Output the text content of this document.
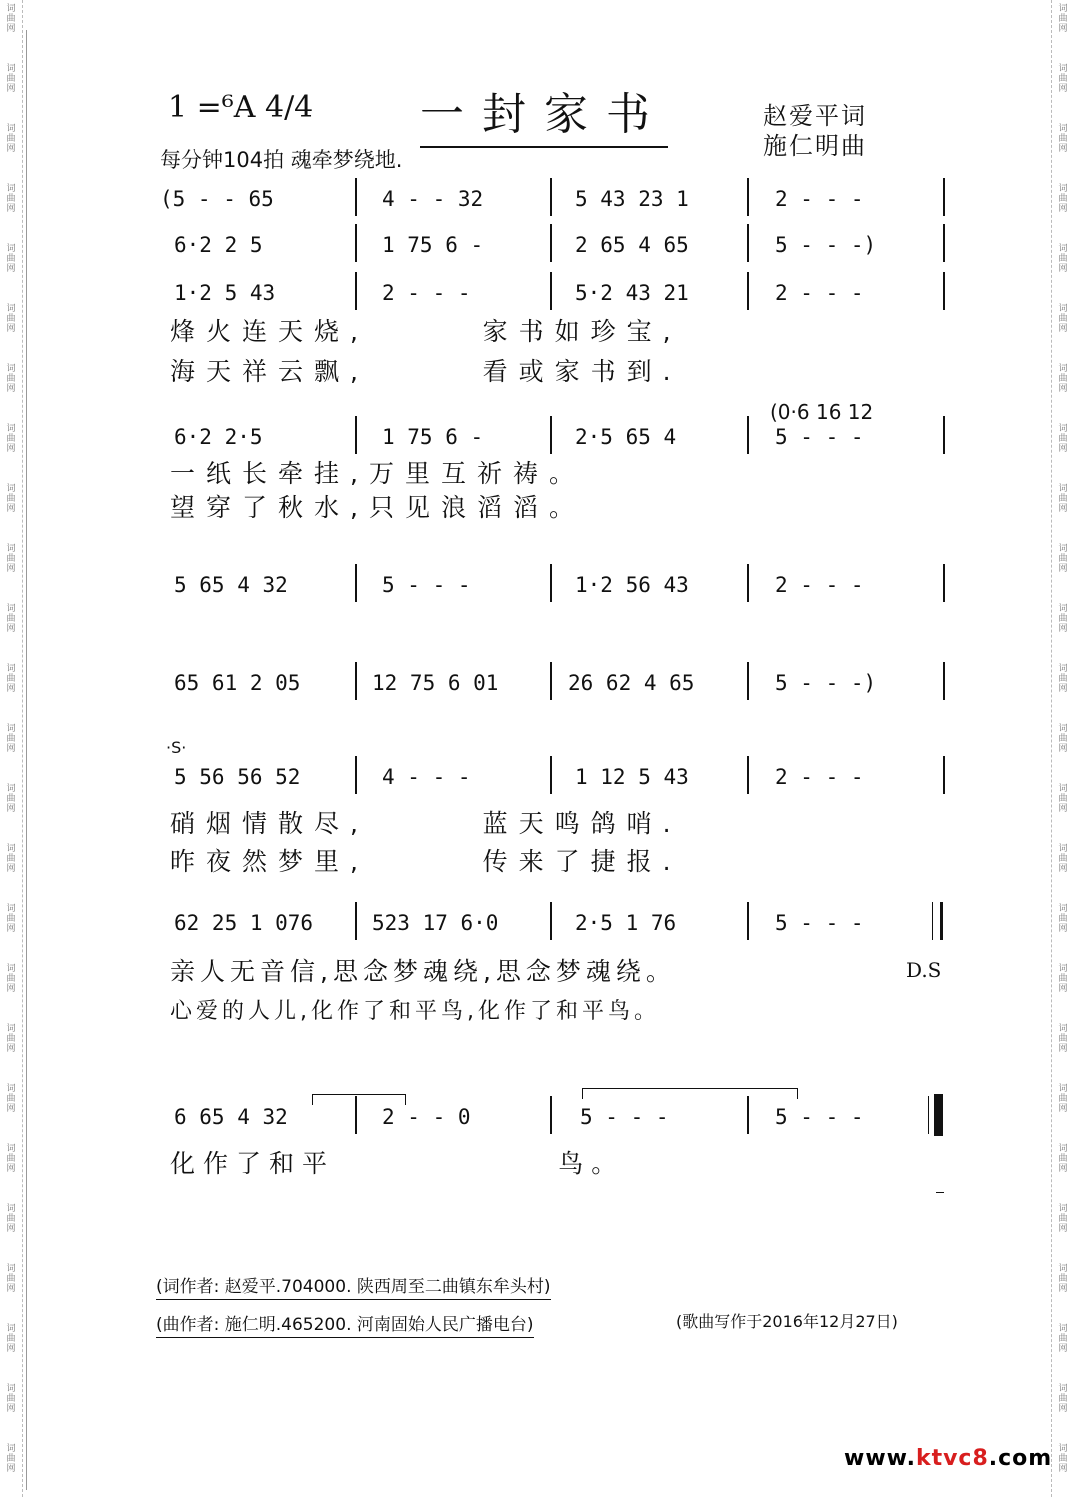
词
曲
网
词
曲
网
词
曲
网
词
曲
网
词
曲
网
词
曲
网
词
曲
网
词
曲
网
词
曲
网
词
曲
网
词
曲
网
词
曲
网
词
曲
网
词
曲
网
词
曲
网
词
曲
网
词
曲
网
词
曲
网
词
曲
网
词
曲
网
词
曲
网
词
曲
网
词
曲
网
词
曲
网
词
曲
网
词
曲
网
词
曲
网
词
曲
网
词
曲
网
词
曲
网
词
曲
网
词
曲
网
词
曲
网
词
曲
网
词
曲
网
词
曲
网
词
曲
网
词
曲
网
词
曲
网
词
曲
网
词
曲
网
词
曲
网
词
曲
网
词
曲
网
词
曲
网
词
曲
网
词
曲
网
词
曲
网
词
曲
网
词
曲
网
1 =⁶A 4/4 一封家书	赵爱平词
施仁明曲
每分钟104拍 魂牵梦绕地.
(5 - - 65	4 - - 32	5 43 23 1	2 - - -
6·2 2 5	1 75 6 -	2 65 4 65	5 - - -)
1·2 5 43	2 - - -	5·2 43 21	2 - - -
烽火连天烧,      家书如珍宝,
海天祥云飘,      看或家书到.
(0·6 16 12
6·2 2·5	1 75 6 -	2·5 65 4	5 - - -
一纸长牵挂,万里互祈祷。
望穿了秋水,只见浪滔滔。
5 65 4 32	5 - - -	1·2 56 43	2 - - -
65 61 2 05	12 75 6 01	26 62 4 65	5 - - -)
·S·
5 56 56 52	4 - - -	1 12 5 43	2 - - -
硝烟情散尽,      蓝天鸣鸽哨.
昨夜然梦里,      传来了捷报.
62 25 1 076	523 17 6·0	2·5 1 76	5 - - -
亲人无音信,思念梦魂绕,思念梦魂绕。	D.S
心爱的人儿,化作了和平鸟,化作了和平鸟。
6 65 4 32	2 - - 0	5 - - -	5 - - -
化作了和平              鸟。
(词作者: 赵爱平.704000. 陕西周至二曲镇东牟头村)
(曲作者: 施仁明.465200. 河南固始人民广播电台)	(歌曲写作于2016年12月27日)
www.ktvc8.com
